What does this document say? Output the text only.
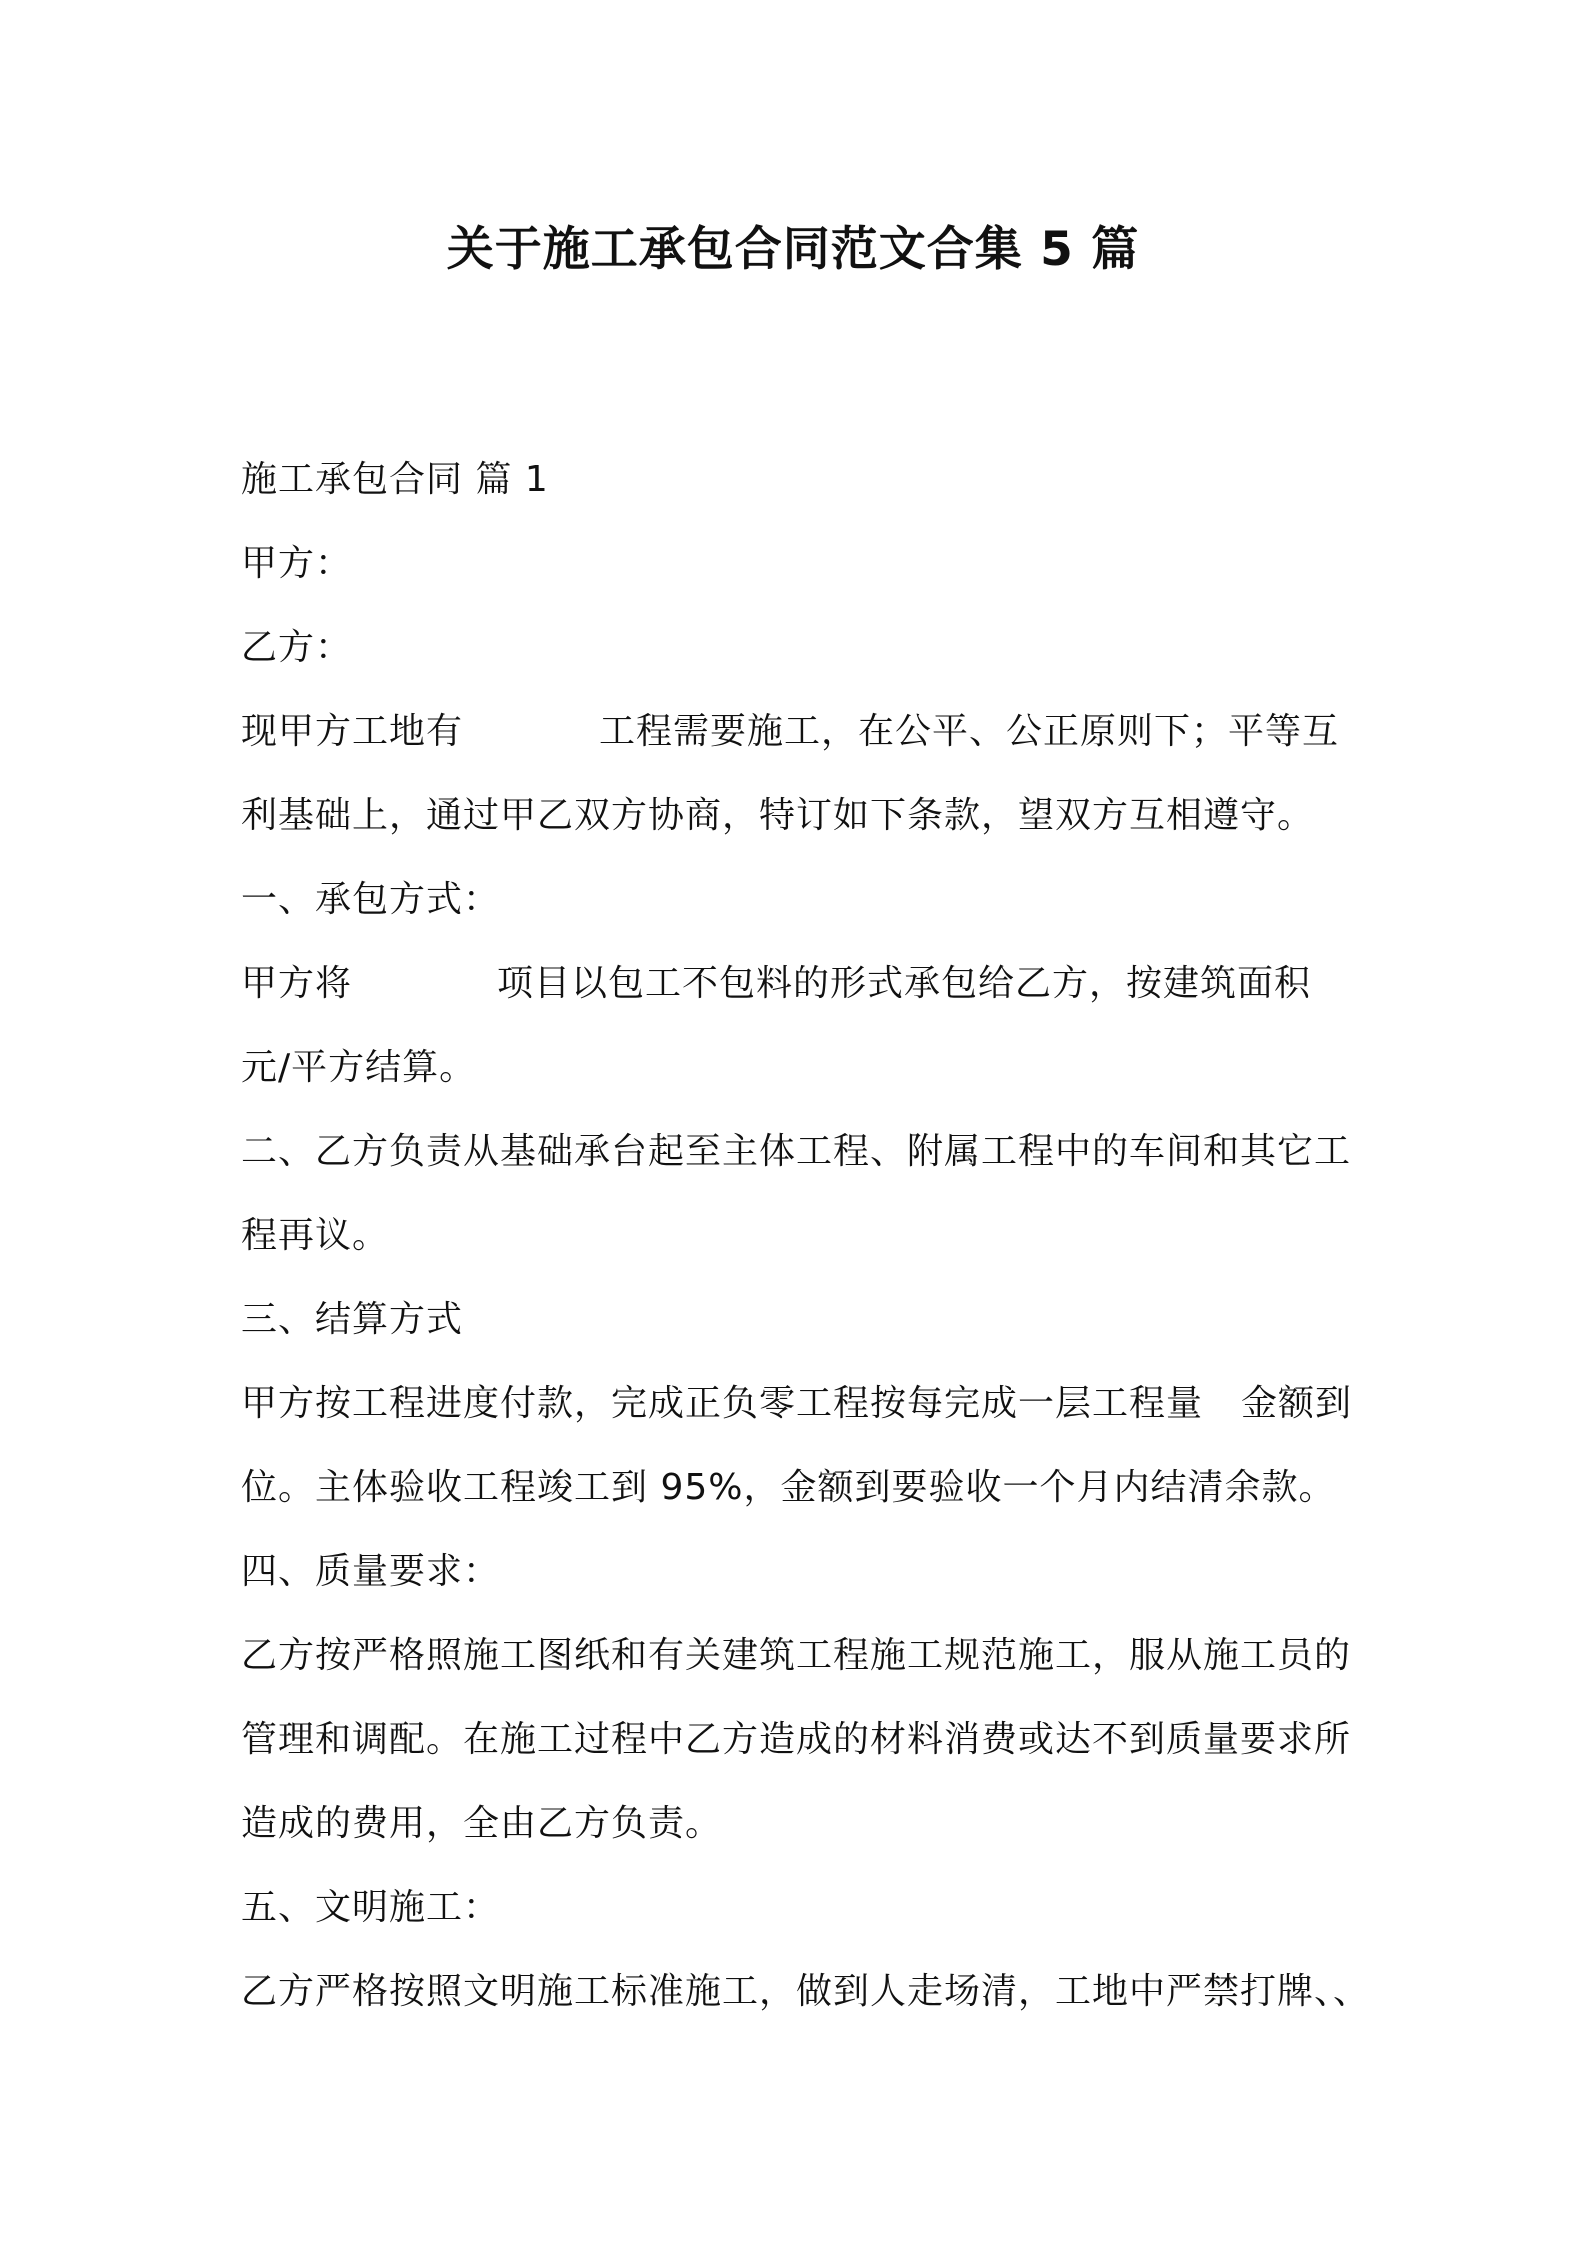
关于施工承包合同范文合集 5 篇
施工承包合同 篇 1
甲方：
乙方：
现甲方工地有	工程需要施工，在公平、公正原则下；平等互
利基础上，通过甲乙双方协商，特订如下条款，望双方互相遵守。
一、承包方式：
甲方将	项目以包工不包料的形式承包给乙方，按建筑面积
元/平方结算。
二、乙方负责从基础承台起至主体工程、附属工程中的车间和其它工
程再议。
三、结算方式
甲方按工程进度付款，完成正负零工程按每完成一层工程量 金额到
位。主体验收工程竣工到 95%，金额到要验收一个月内结清余款。
四、质量要求：
乙方按严格照施工图纸和有关建筑工程施工规范施工，服从施工员的
管理和调配。在施工过程中乙方造成的材料消费或达不到质量要求所
造成的费用，全由乙方负责。
五、文明施工：
乙方严格按照文明施工标准施工，做到人走场清，工地中严禁打牌、、
